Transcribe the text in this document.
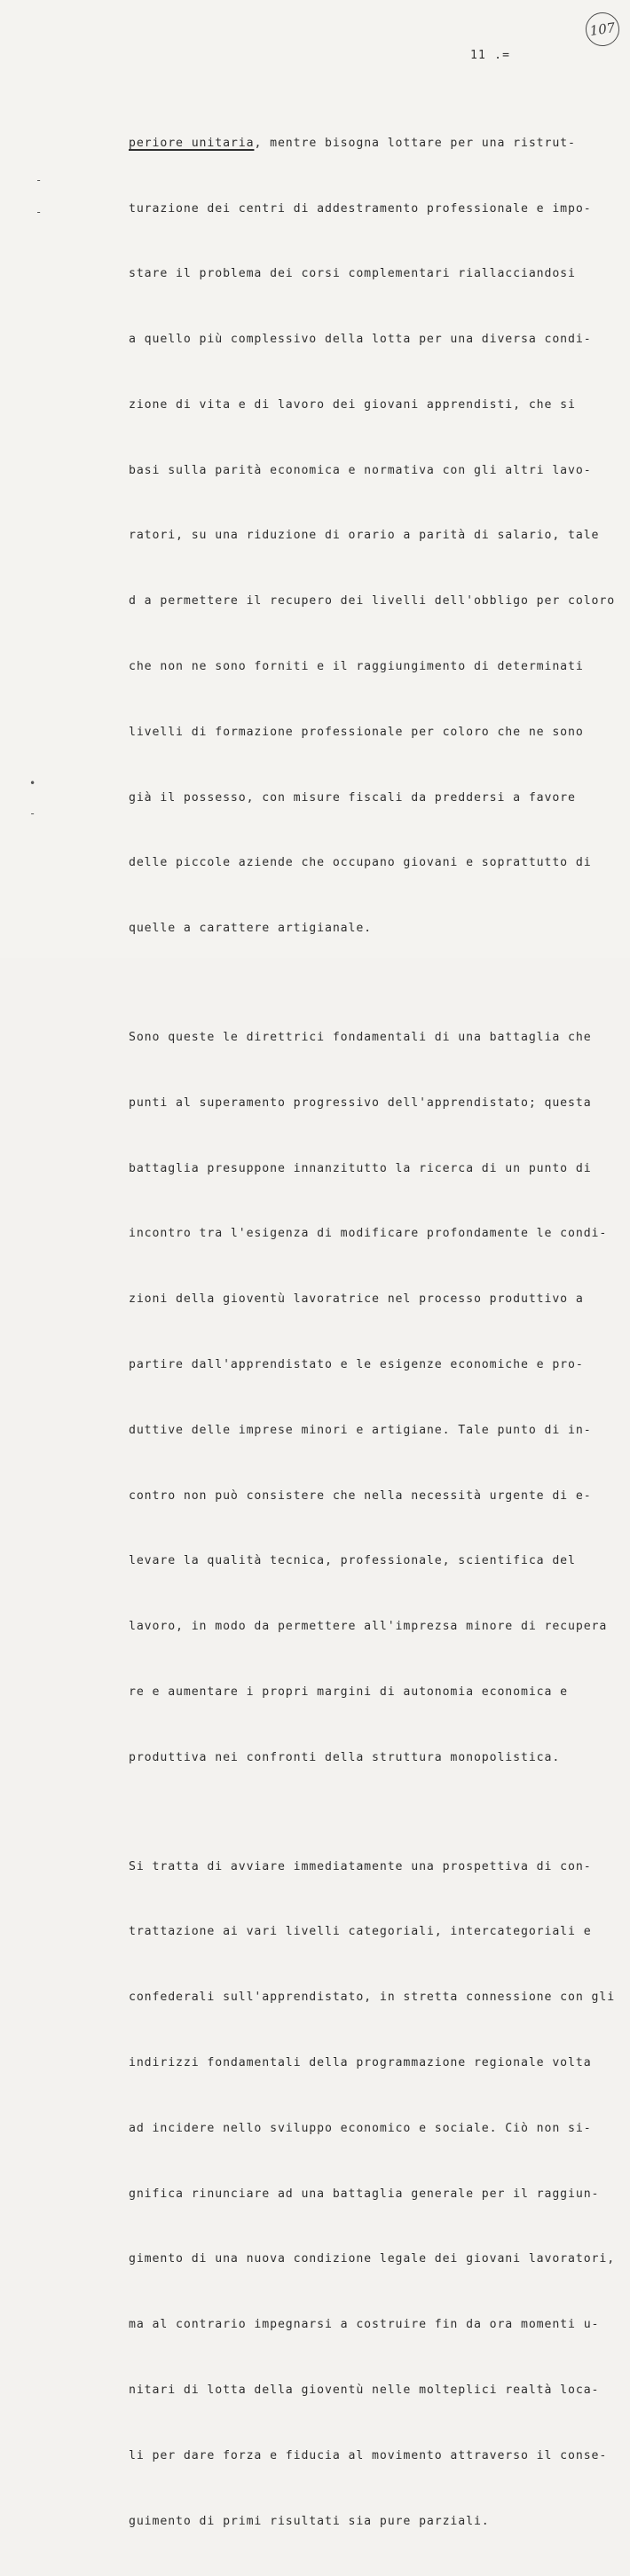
107
11 .=
-
-
•
-

periore unitaria, mentre bisogna lottare per una ristrut-

turazione dei centri di addestramento professionale e impo-

stare il problema dei corsi complementari riallacciandosi

a quello più complessivo della lotta per una diversa condi-

zione di vita e di lavoro dei giovani apprendisti, che si

basi sulla parità economica e normativa con gli altri lavo-

ratori, su una riduzione di orario a parità di salario, tale

d a permettere il recupero dei livelli dell'obbligo per coloro

che non ne sono forniti e il raggiungimento di determinati

livelli di formazione professionale per coloro che ne sono

già il possesso, con misure fiscali da preddersi a favore

delle piccole aziende che occupano giovani e soprattutto di

quelle a carattere artigianale.

Sono queste le direttrici fondamentali di una battaglia che

punti al superamento progressivo dell'apprendistato; questa

battaglia presuppone innanzitutto la ricerca di un punto di

incontro tra l'esigenza di modificare profondamente le condi-

zioni della gioventù lavoratrice nel processo produttivo a

partire dall'apprendistato e le esigenze economiche e pro-

duttive delle imprese minori e artigiane. Tale punto di in-

contro non può consistere che nella necessità urgente di e-

levare la qualità tecnica, professionale, scientifica del

lavoro, in modo da permettere all'imprezsa minore di recupera

re e aumentare i propri margini di autonomia economica e

produttiva nei confronti della struttura monopolistica.

Si tratta di avviare immediatamente una prospettiva di con-

trattazione ai vari livelli categoriali, intercategoriali e

confederali sull'apprendistato, in stretta connessione con gli

indirizzi fondamentali della programmazione regionale volta

ad incidere nello sviluppo economico e sociale. Ciò non si-

gnifica rinunciare ad una battaglia generale per il raggiun-

gimento di una nuova condizione legale dei giovani lavoratori,

ma al contrario impegnarsi a costruire fin da ora momenti u-

nitari di lotta della gioventù nelle molteplici realtà loca-

li per dare forza e fiducia al movimento attraverso il conse-

guimento di primi risultati sia pure parziali.
